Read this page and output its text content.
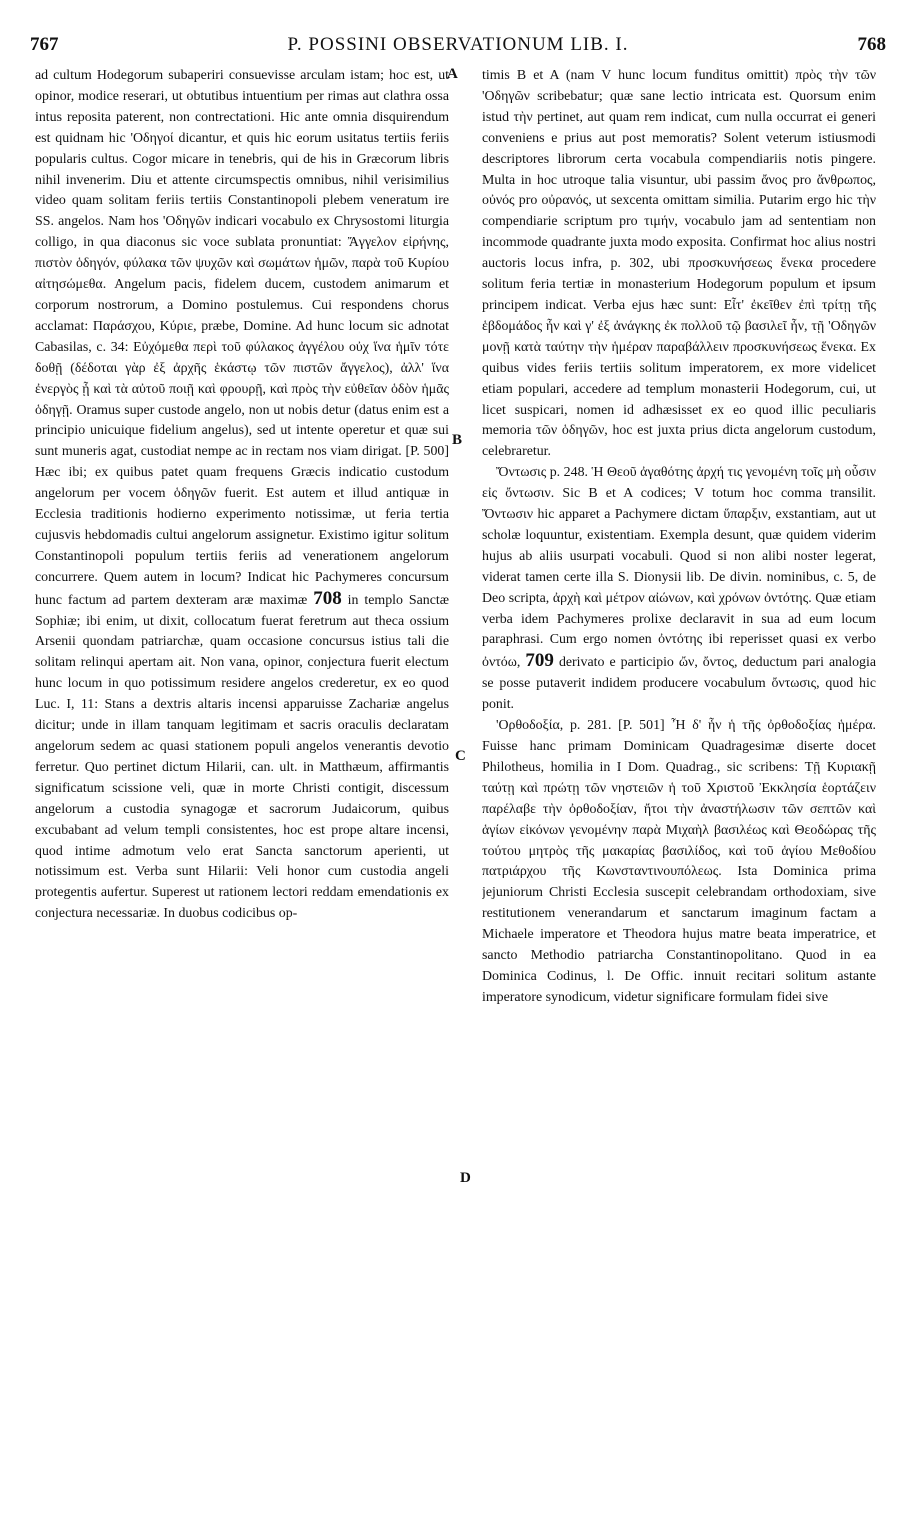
767	P. POSSINI OBSERVATIONUM LIB. I.	768
A
B
C
D

ad cultum Hodegorum subaperiri consuevisse arculam istam; hoc est, ut opinor, modice reserari, ut obtutibus intuentium per rimas aut clathra ossa intus reposita paterent, non contrectationi. Hic ante omnia disquirendum est quidnam hic 'Οδηγοί dicantur, et quis hic eorum usitatus tertiis feriis popularis cultus. Cogor micare in tenebris, qui de his in Græcorum libris nihil invenerim. Diu et attente circumspectis omnibus, nihil verisimilius video quam solitam feriis tertiis Constantinopoli plebem veneratum ire SS. angelos. Nam hos 'Οδηγῶν indicari vocabulo ex Chrysostomi liturgia colligo, in qua diaconus sic voce sublata pronuntiat: Ἄγγελον εἰρήνης, πιστὸν ὁδηγόν, φύλακα τῶν ψυχῶν καὶ σωμάτων ἡμῶν, παρὰ τοῦ Κυρίου αἰτησώμεθα. Angelum pacis, fidelem ducem, custodem animarum et corporum nostrorum, a Domino postulemus. Cui respondens chorus acclamat: Παράσχου, Κύριε, præbe, Domine. Ad hunc locum sic adnotat Cabasilas, c. 34: Εὐχόμεθα περὶ τοῦ φύλακος ἀγγέλου οὐχ ἵνα ἡμῖν τότε δοθῇ (δέδοται γὰρ ἐξ ἀρχῆς ἑκάστῳ τῶν πιστῶν ἄγγελος), ἀλλ' ἵνα ἐνεργὸς ᾖ καὶ τὰ αὐτοῦ ποιῇ καὶ φρουρῇ, καὶ πρὸς τὴν εὐθεῖαν ὁδὸν ἡμᾶς ὁδηγῇ. Oramus super custode angelo, non ut nobis detur (datus enim est a principio unicuique fidelium angelus), sed ut intente operetur et quæ sui sunt muneris agat, custodiat nempe ac in rectam nos viam dirigat. [P. 500] Hæc ibi; ex quibus patet quam frequens Græcis indicatio custodum angelorum per vocem ὁδηγῶν fuerit. Est autem et illud antiquæ in Ecclesia traditionis hodierno experimento notissimæ, ut feria tertia cujusvis hebdomadis cultui angelorum assignetur. Existimo igitur solitum Constantinopoli populum tertiis feriis ad venerationem angelorum concurrere. Quem autem in locum? Indicat hic Pachymeres concursum hunc factum ad partem dexteram aræ maximæ 708 in templo Sanctæ Sophiæ; ibi enim, ut dixit, collocatum fuerat feretrum aut theca ossium Arsenii quondam patriarchæ, quam occasione concursus istius tali die solitam relinqui apertam ait. Non vana, opinor, conjectura fuerit electum hunc locum in quo potissimum residere angelos crederetur, ex eo quod Luc. I, 11: Stans a dextris altaris incensi apparuisse Zachariæ angelus dicitur; unde in illam tanquam legitimam et sacris oraculis declaratam angelorum sedem ac quasi stationem populi angelos venerantis devotio ferretur. Quo pertinet dictum Hilarii, can. ult. in Matthæum, affirmantis significatum scissione veli, quæ in morte Christi contigit, discessum angelorum a custodia synagogæ et sacrorum Judaicorum, quibus excubabant ad velum templi consistentes, hoc est prope altare incensi, quod intime admotum velo erat Sancta sanctorum aperienti, ut notissimum est. Verba sunt Hilarii: Veli honor cum custodia angeli protegentis aufertur. Superest ut rationem lectori reddam emendationis ex conjectura necessariæ. In duobus codicibus op-

timis B et A (nam V hunc locum funditus omittit) πρὸς τὴν τῶν 'Οδηγῶν scribebatur; quæ sane lectio intricata est. Quorsum enim istud τὴν pertinet, aut quam rem indicat, cum nulla occurrat ei generi conveniens e prius aut post memoratis? Solent veterum istiusmodi descriptores librorum certa vocabula compendiariis notis pingere. Multa in hoc utroque talia visuntur, ubi passim ἄνος pro ἄνθρωπος, οὐνός pro οὐρανός, ut sexcenta omittam similia. Putarim ergo hic τὴν compendiarie scriptum pro τιμήν, vocabulo jam ad sententiam non incommode quadrante juxta modo exposita. Confirmat hoc alius nostri auctoris locus infra, p. 302, ubi προσκυνήσεως ἕνεκα procedere solitum feria tertiæ in monasterium Hodegorum populum et ipsum principem indicat. Verba ejus hæc sunt: Εἶτ' ἐκεῖθεν ἐπὶ τρίτῃ τῆς ἑβδομάδος ἦν καὶ γ' ἐξ ἀνάγκης ἐκ πολλοῦ τῷ βασιλεῖ ἦν, τῇ 'Οδηγῶν μονῇ κατὰ ταύτην τὴν ἡμέραν παραβάλλειν προσκυνήσεως ἕνεκα. Ex quibus vides feriis tertiis solitum imperatorem, ex more videlicet etiam populari, accedere ad templum monasterii Hodegorum, cui, ut licet suspicari, nomen id adhæsisset ex eo quod illic peculiaris memoria τῶν ὁδηγῶν, hoc est juxta prius dicta angelorum custodum, celebraretur.

Ὄντωσις p. 248. Ἡ Θεοῦ ἀγαθότης ἀρχή τις γενομένη τοῖς μὴ οὖσιν εἰς ὄντωσιν. Sic B et A codices; V totum hoc comma transilit. Ὄντωσιν hic apparet a Pachymere dictam ὕπαρξιν, exstantiam, aut ut scholæ loquuntur, existentiam. Exempla desunt, quæ quidem viderim hujus ab aliis usurpati vocabuli. Quod si non alibi noster legerat, viderat tamen certe illa S. Dionysii lib. De divin. nominibus, c. 5, de Deo scripta, ἀρχὴ καὶ μέτρον αἰώνων, καὶ χρόνων ὀντότης. Quæ etiam verba idem Pachymeres prolixe declaravit in sua ad eum locum paraphrasi. Cum ergo nomen ὀντότης ibi reperisset quasi ex verbo ὀντόω, 709 derivato e participio ὤν, ὄντος, deductum pari analogia se posse putaverit indidem producere vocabulum ὄντωσις, quod hic ponit.

'Ορθοδοξία, p. 281. [P. 501] Ἦ δ' ἦν ἡ τῆς ὀρθοδοξίας ἡμέρα. Fuisse hanc primam Dominicam Quadragesimæ diserte docet Philotheus, homilia in I Dom. Quadrag., sic scribens: Τῇ Κυριακῇ ταύτῃ καὶ πρώτῃ τῶν νηστειῶν ἡ τοῦ Χριστοῦ Ἐκκλησία ἑορτάζειν παρέλαβε τὴν ὀρθοδοξίαν, ἤτοι τὴν ἀναστήλωσιν τῶν σεπτῶν καὶ ἁγίων εἰκόνων γενομένην παρὰ Μιχαὴλ βασιλέως καὶ Θεοδώρας τῆς τούτου μητρὸς τῆς μακαρίας βασιλίδος, καὶ τοῦ ἁγίου Μεθοδίου πατριάρχου τῆς Κωνσταντινουπόλεως. Ista Dominica prima jejuniorum Christi Ecclesia suscepit celebrandam orthodoxiam, sive restitutionem venerandarum et sanctarum imaginum factam a Michaele imperatore et Theodora hujus matre beata imperatrice, et sancto Methodio patriarcha Constantinopolitano. Quod in ea Dominica Codinus, l. De Offic. innuit recitari solitum astante imperatore synodicum, videtur significare formulam fidei sive
